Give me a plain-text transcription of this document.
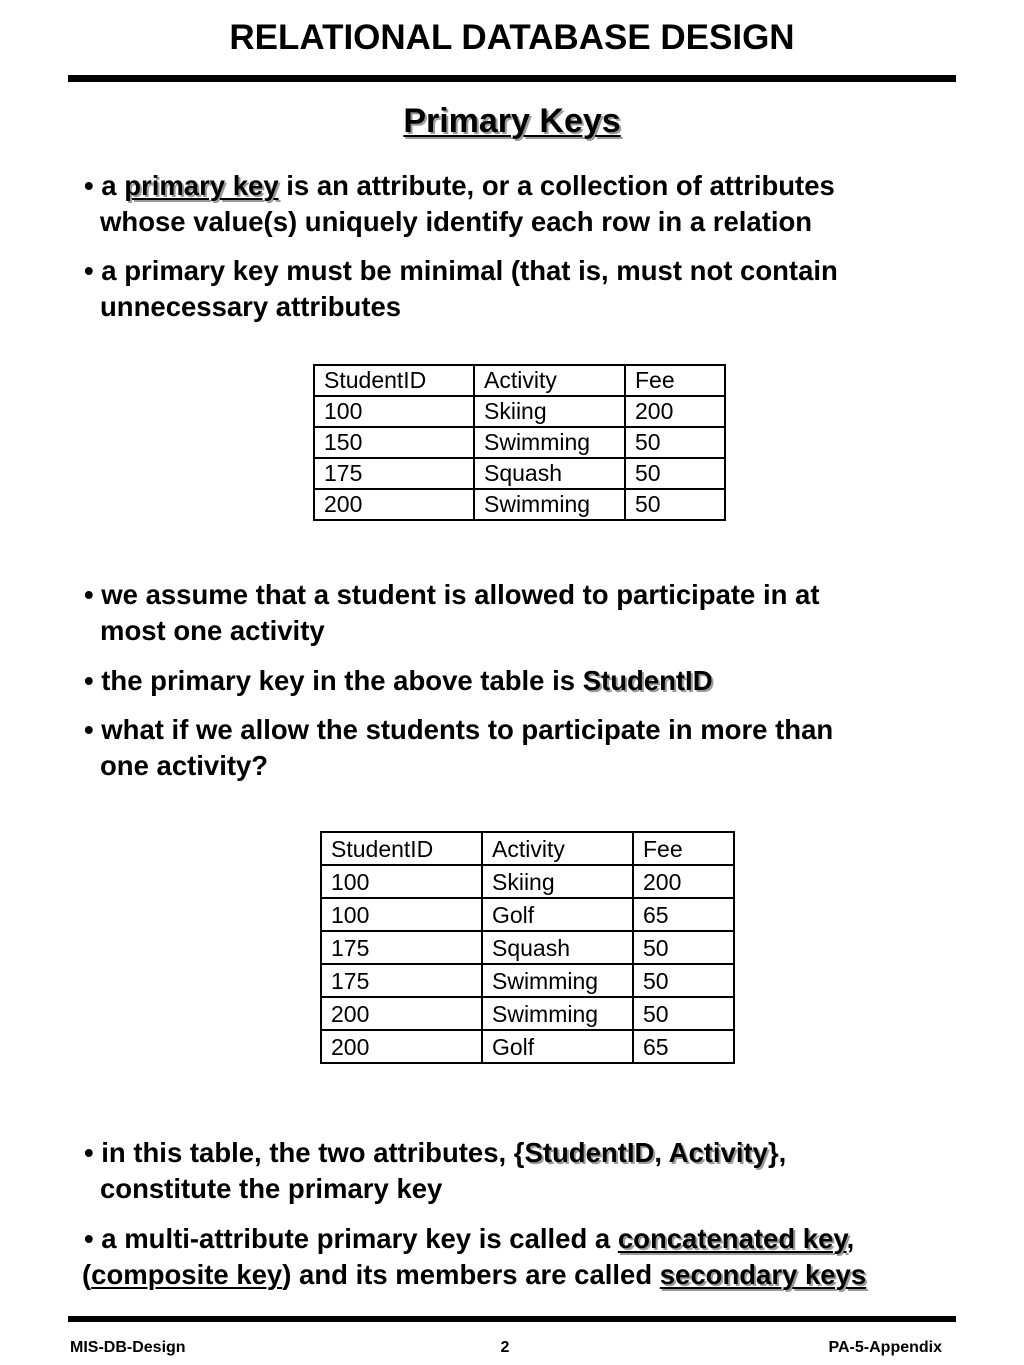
RELATIONAL DATABASE DESIGN
Primary Keys
• a primary key is an attribute, or a collection of attributes
whose value(s) uniquely identify each row in a relation
• a primary key must be minimal (that is, must not contain
unnecessary attributes
StudentID	Activity	Fee
100	Skiing	200
150	Swimming	50
175	Squash	50
200	Swimming	50
• we assume that a student is allowed to participate in at
most one activity
• the primary key in the above table is StudentID
• what if we allow the students to participate in more than
one activity?
StudentID	Activity	Fee
100	Skiing	200
100	Golf	65
175	Squash	50
175	Swimming	50
200	Swimming	50
200	Golf	65
• in this table, the two attributes, {StudentID, Activity},
constitute the primary key
• a multi-attribute primary key is called a concatenated key,
(composite key) and its members are called secondary keys
MIS-DB-Design	2	PA-5-Appendix
